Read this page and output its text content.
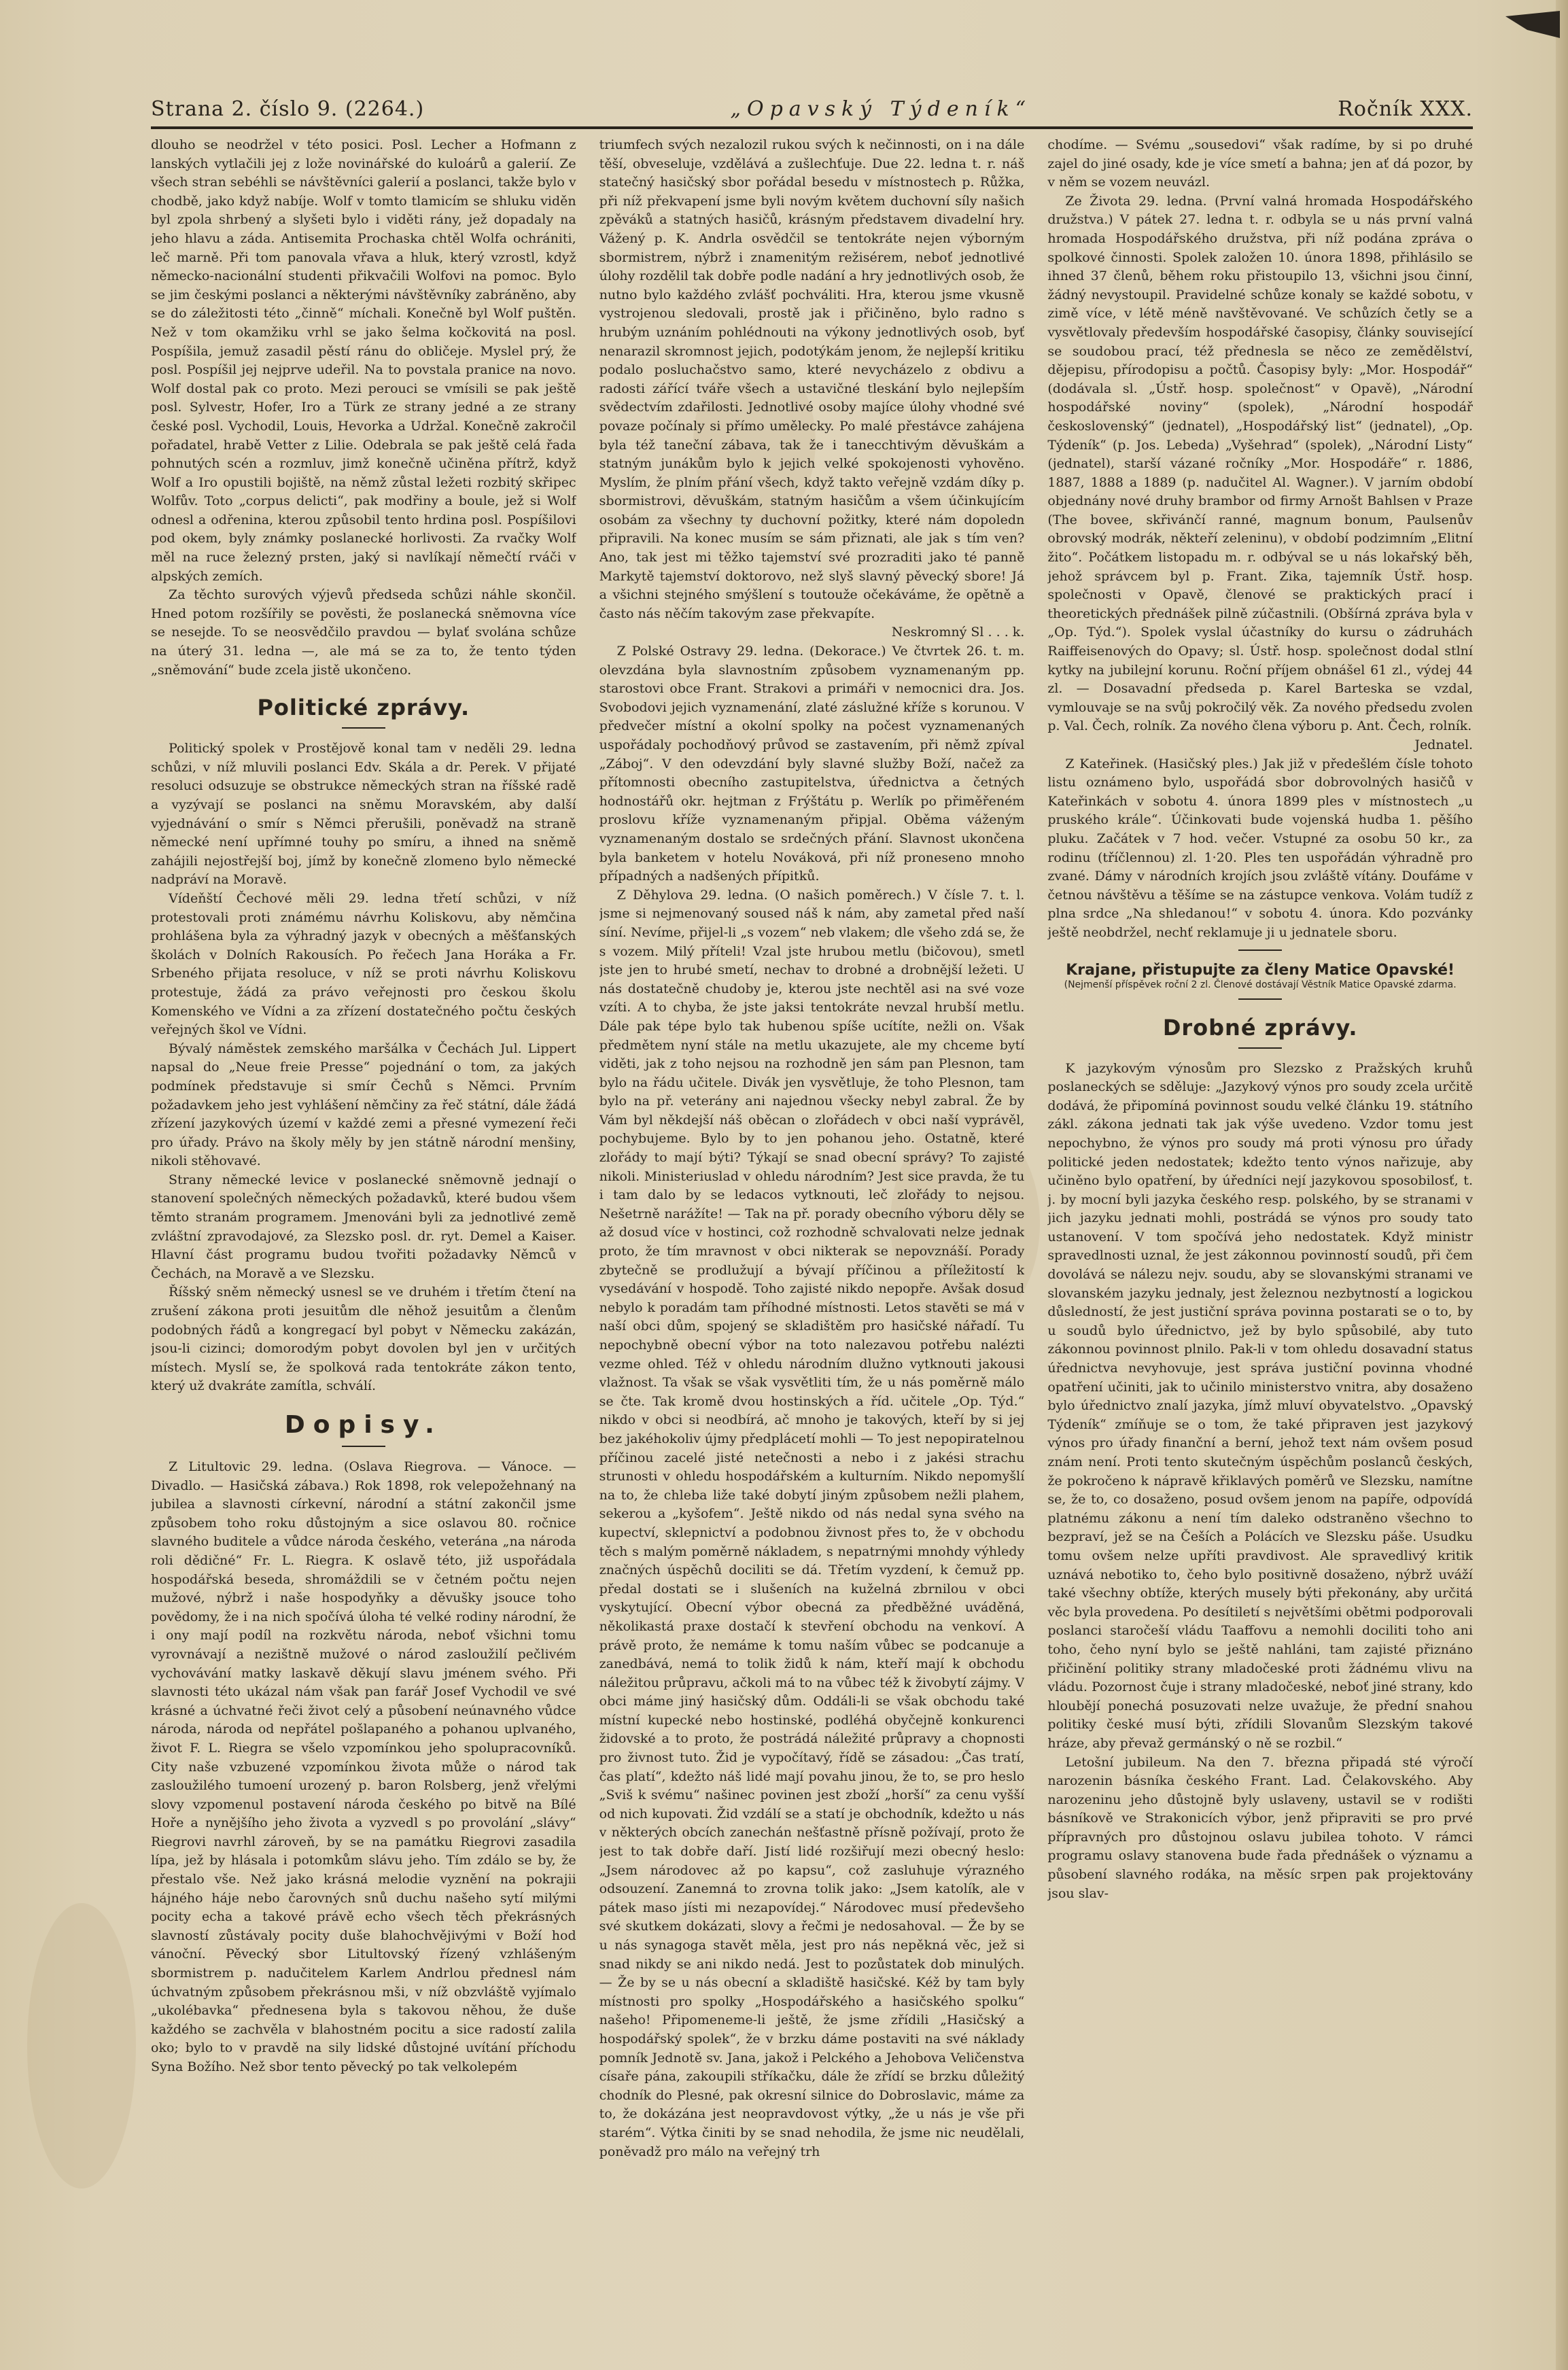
Strana 2. číslo 9. (2264.)	„Opavský Týdeník“	Ročník XXX.

dlouho se neodržel v této posici. Posl. Lecher a Hofmann z lanských vytlačili jej z lože novinářské do kuloárů a galerií. Ze všech stran sebéhli se návštěvníci galerií a poslanci, takže bylo v chodbě, jako když nabíje. Wolf v tomto tlamicím se shluku viděn byl zpola shrbený a slyšeti bylo i viděti rány, jež dopadaly na jeho hlavu a záda. Antisemita Prochaska chtěl Wolfa ochrániti, leč marně. Při tom panovala vřava a hluk, který vzrostl, když německo-nacionální studenti přikvačili Wolfovi na pomoc. Bylo se jim českými poslanci a některými návštěvníky zabráněno, aby se do záležitosti této „činně“ míchali. Konečně byl Wolf puštěn. Než v tom okamžiku vrhl se jako šelma kočkovitá na posl. Pospíšila, jemuž zasadil pěstí ránu do obličeje. Myslel prý, že posl. Pospíšil jej nejprve udeřil. Na to povstala pranice na novo. Wolf dostal pak co proto. Mezi perouci se vmísili se pak ještě posl. Sylvestr, Hofer, Iro a Türk ze strany jedné a ze strany české posl. Vychodil, Louis, Hevorka a Udržal. Konečně zakročil pořadatel, hrabě Vetter z Lilie. Odebrala se pak ještě celá řada pohnutých scén a rozmluv, jimž konečně učiněna přítrž, když Wolf a Iro opustili bojiště, na němž zůstal ležeti rozbitý skřipec Wolfův. Toto „corpus delicti“, pak modřiny a boule, jež si Wolf odnesl a odřenina, kterou způsobil tento hrdina posl. Pospíšilovi pod okem, byly známky poslanecké horlivosti. Za rvačky Wolf měl na ruce železný prsten, jaký si navlíkají němečtí rváči v alpských zemích.

Za těchto surových výjevů předseda schůzi náhle skončil. Hned potom rozšířily se pověsti, že poslanecká sněmovna více se nesejde. To se neosvědčilo pravdou — bylať svolána schůze na úterý 31. ledna —, ale má se za to, že tento týden „sněmování“ bude zcela jistě ukončeno.

Politické zprávy.

Politický spolek v Prostějově konal tam v neděli 29. ledna schůzi, v níž mluvili poslanci Edv. Skála a dr. Perek. V přijaté resoluci odsuzuje se obstrukce německých stran na říšské radě a vyzývají se poslanci na sněmu Moravském, aby další vyjednávání o smír s Němci přerušili, poněvadž na straně německé není upřímné touhy po smíru, a ihned na sněmě zahájili nejostřejší boj, jímž by konečně zlomeno bylo německé nadpráví na Moravě.

Vídeňští Čechové měli 29. ledna třetí schůzi, v níž protestovali proti známému návrhu Koliskovu, aby němčina prohlášena byla za výhradný jazyk v obecných a měšťanských školách v Dolních Rakousích. Po řečech Jana Horáka a Fr. Srbeného přijata resoluce, v níž se proti návrhu Koliskovu protestuje, žádá za právo veřejnosti pro českou školu Komenského ve Vídni a za zřízení dostatečného počtu českých veřejných škol ve Vídni.

Bývalý náměstek zemského maršálka v Čechách Jul. Lippert napsal do „Neue freie Presse“ pojednání o tom, za jakých podmínek představuje si smír Čechů s Němci. Prvním požadavkem jeho jest vyhlášení němčiny za řeč státní, dále žádá zřízení jazykových území v každé zemi a přesné vymezení řeči pro úřady. Právo na školy měly by jen státně národní menšiny, nikoli stěhovavé.

Strany německé levice v poslanecké sněmovně jednají o stanovení společných německých požadavků, které budou všem těmto stranám programem. Jmenováni byli za jednotlivé země zvláštní zpravodajové, za Slezsko posl. dr. ryt. Demel a Kaiser. Hlavní část programu budou tvořiti požadavky Němců v Čechách, na Moravě a ve Slezsku.

Říšský sněm německý usnesl se ve druhém i třetím čtení na zrušení zákona proti jesuitům dle něhož jesuitům a členům podobných řádů a kongregací byl pobyt v Německu zakázán, jsou-li cizinci; domorodým pobyt dovolen byl jen v určitých místech. Myslí se, že spolková rada tentokráte zákon tento, který už dvakráte zamítla, schválí.

Dopisy.

Z Litultovic 29. ledna. (Oslava Riegrova. — Vánoce. — Divadlo. — Hasičská zábava.) Rok 1898, rok velepožehnaný na jubilea a slavnosti církevní, národní a státní zakončil jsme způsobem toho roku důstojným a sice oslavou 80. ročnice slavného buditele a vůdce národa českého, veterána „na národa roli dědičné“ Fr. L. Riegra. K oslavě této, již uspořádala hospodářská beseda, shromáždili se v četném počtu nejen mužové, nýbrž i naše hospodyňky a děvušky jsouce toho povědomy, že i na nich spočívá úloha té velké rodiny národní, že i ony mají podíl na rozkvětu národa, neboť všichni tomu vyrovnávají a nezištně mužové o národ zasloužilí pečlivém vychovávání matky laskavě děkují slavu jménem svého. Při slavnosti této ukázal nám však pan farář Josef Vychodil ve své krásné a úchvatné řeči život celý a působení neúnavného vůdce národa, národa od nepřátel pošlapaného a pohanou uplvaného, život F. L. Riegra se všelo vzpomínkou jeho spolupracovníků. City naše vzbuzené vzpomínkou života může o národ tak zasloužilého tumoení urozený p. baron Rolsberg, jenž vřelými slovy vzpomenul postavení národa českého po bitvě na Bílé Hoře a nynějšího jeho života a vyzvedl s po provolání „slávy“ Riegrovi navrhl zároveň, by se na památku Riegrovi zasadila lípa, jež by hlásala i potomkům slávu jeho. Tím zdálo se by, že přestalo vše. Než jako krásná melodie vyznění na pokrajii hájného háje nebo čarovných snů duchu našeho sytí milými pocity echa a takové právě echo všech těch překrásných slavností zůstávaly pocity duše blahochvějivými v Boží hod vánoční. Pěvecký sbor Litultovský řízený vzhlášeným sbormistrem p. nadučitelem Karlem Andrlou přednesl nám úchvatným způsobem překrásnou mši, v níž obzvláště vyjímalo „ukolébavka“ přednesena byla s takovou něhou, že duše každého se zachvěla v blahostném pocitu a sice radostí zalila oko; bylo to v pravdě na sily lidské důstojné uvítání příchodu Syna Božího. Než sbor tento pěvecký po tak velkolepém

triumfech svých nezalozil rukou svých k nečinnosti, on i na dále těší, obveseluje, vzdělává a zušlechťuje. Due 22. ledna t. r. náš statečný hasičský sbor pořádal besedu v místnostech p. Růžka, při níž překvapení jsme byli novým květem duchovní síly našich zpěváků a statných hasičů, krásným představem divadelní hry. Vážený p. K. Andrla osvědčil se tentokráte nejen výborným sbormistrem, nýbrž i znamenitým režisérem, neboť jednotlivé úlohy rozdělil tak dobře podle nadání a hry jednotlivých osob, že nutno bylo každého zvlášť pochváliti. Hra, kterou jsme vkusně vystrojenou sledovali, prostě jak i přičiněno, bylo radno s hrubým uznáním pohlédnouti na výkony jednotlivých osob, byť nenarazil skromnost jejich, podotýkám jenom, že nejlepší kritiku podalo posluchačstvo samo, které nevycházelo z obdivu a radosti zářící tváře všech a ustavičné tleskání bylo nejlepším svědectvím zdařilosti. Jednotlivé osoby majíce úlohy vhodné své povaze počínaly si přímo umělecky. Po malé přestávce zahájena byla též taneční zábava, tak že i tanecchtivým děvuškám a statným junákům bylo k jejich velké spokojenosti vyhověno. Myslím, že plním přání všech, když takto veřejně vzdám díky p. sbormistrovi, děvuškám, statným hasičům a všem účinkujícím osobám za všechny ty duchovní požitky, které nám dopoledn připravili. Na konec musím se sám přiznati, ale jak s tím ven? Ano, tak jest mi těžko tajemství své prozraditi jako té panně Markytě tajemství doktorovo, než slyš slavný pěvecký sbore! Já a všichni stejného smýšlení s toutouže očekáváme, že opětně a často nás něčím takovým zase překvapíte.

Neskromný Sl . . . k.

Z Polské Ostravy 29. ledna. (Dekorace.) Ve čtvrtek 26. t. m. olevzdána byla slavnostním způsobem vyznamenaným pp. starostovi obce Frant. Strakovi a primáři v nemocnici dra. Jos. Svobodovi jejich vyznamenání, zlaté záslužné kříže s korunou. V předvečer místní a okolní spolky na počest vyznamenaných uspořádaly pochodňový průvod se zastavením, při němž zpíval „Záboj“. V den odevzdání byly slavné služby Boží, načež za přítomnosti obecního zastupitelstva, úřednictva a četných hodnostářů okr. hejtman z Frýštátu p. Werlík po přiměřeném proslovu kříže vyznamenaným připjal. Oběma váženým vyznamenaným dostalo se srdečných přání. Slavnost ukončena byla banketem v hotelu Nováková, při níž proneseno mnoho případných a nadšených přípitků.

Z Děhylova 29. ledna. (O našich poměrech.) V čísle 7. t. l. jsme si nejmenovaný soused náš k nám, aby zametal před naší síní. Nevíme, přijel-li „s vozem“ neb vlakem; dle všeho zdá se, že s vozem. Milý příteli! Vzal jste hrubou metlu (bičovou), smetl jste jen to hrubé smetí, nechav to drobné a drobnější ležeti. U nás dostatečně chudoby je, kterou jste nechtěl asi na své voze vzíti. A to chyba, že jste jaksi tentokráte nevzal hrubší metlu. Dále pak tépe bylo tak hubenou spíše ucítíte, nežli on. Však předmětem nyní stále na metlu ukazujete, ale my chceme bytí viděti, jak z toho nejsou na rozhodně jen sám pan Plesnon, tam bylo na řádu učitele. Divák jen vysvětluje, že toho Plesnon, tam bylo na př. veterány ani najednou všecky nebyl zabral. Že by Vám byl někdejší náš oběcan o zlořádech v obci naší vyprávěl, pochybujeme. Bylo by to jen pohanou jeho. Ostatně, které zlořády to mají býti? Týkají se snad obecní správy? To zajisté nikoli. Ministeriuslad v ohledu národním? Jest sice pravda, že tu i tam dalo by se ledacos vytknouti, leč zlořády to nejsou. Nešetrně narážíte! — Tak na př. porady obecního výboru děly se až dosud více v hostinci, což rozhodně schvalovati nelze jednak proto, že tím mravnost v obci nikterak se nepovznáší. Porady zbytečně se prodlužují a bývají příčinou a příležitostí k vysedávání v hospodě. Toho zajisté nikdo nepopře. Avšak dosud nebylo k poradám tam příhodné místnosti. Letos stavěti se má v naší obci dům, spojený se skladištěm pro hasičské nářadí. Tu nepochybně obecní výbor na toto nalezavou potřebu nalézti vezme ohled. Též v ohledu národním dlužno vytknouti jakousi vlažnost. Ta však se však vysvětliti tím, že u nás poměrně málo se čte. Tak kromě dvou hostinských a říd. učitele „Op. Týd.“ nikdo v obci si neodbírá, ač mnoho je takových, kteří by si jej bez jakéhokoliv újmy předplácetí mohli — To jest nepopiratelnou příčinou zacelé jisté netečnosti a nebo i z jakési strachu strunosti v ohledu hospodářském a kulturním. Nikdo nepomyšlí na to, že chleba liže také dobytí jiným způsobem nežli plahem, sekerou a „kyšofem“. Ještě nikdo od nás nedal syna svého na kupectví, sklepnictví a podobnou živnost přes to, že v obchodu těch s malým poměrně nákladem, s nepatrnými mnohdy výhledy značných úspěchů dociliti se dá. Třetím vyzdení, k čemuž pp. předal dostati se i slušeních na kuželná zbrnilou v obci vyskytující. Obecní výbor obecná za předběžné uváděná, několikastá praxe dostačí k stevření obchodu na venkoví. A právě proto, že nemáme k tomu naším vůbec se podcanuje a zanedbává, nemá to tolik židů k nám, kteří mají k obchodu náležitou průpravu, ačkoli má to na vůbec též k živobytí zájmy. V obci máme jiný hasičský dům. Oddáli-li se však obchodu také místní kupecké nebo hostinské, podléhá obyčejně konkurenci židovské a to proto, že postrádá náležité průpravy a chopnosti pro živnost tuto. Žid je vypočítavý, řídě se zásadou: „Čas tratí, čas platí“, kdežto náš lidé mají povahu jinou, že to, se pro heslo „Sviš k svému“ našinec povinen jest zboží „horší“ za cenu vyšší od nich kupovati. Žid vzdálí se a statí je obchodník, kdežto u nás v některých obcích zanechán nešťastně přísně požívají, proto že jest to tak dobře daří. Jistí lidé rozšiřují mezi obecný heslo: „Jsem národovec až po kapsu“, což zasluhuje výrazného odsouzení. Zanemná to zrovna tolik jako: „Jsem katolík, ale v pátek maso jísti mi nezapovídej.“ Národovec musí předevšeho své skutkem dokázati, slovy a řečmi je nedosahoval. — Že by se u nás synagoga stavět měla, jest pro nás nepěkná věc, jež si snad nikdy se ani nikdo nedá. Jest to pozůstatek dob minulých. — Že by se u nás obecní a skladiště hasičské. Kéž by tam byly místnosti pro spolky „Hospodářského a hasičského spolku“ našeho! Připomeneme-li ještě, že jsme zřídili „Hasičský a hospodářský spolek“, že v brzku dáme postaviti na své náklady pomník Jednotě sv. Jana, jakož i Pelckého a Jehobova Veličenstva císaře pána, zakoupili stříkačku, dále že zřídí se brzku důležitý chodník do Plesné, pak okresní silnice do Dobroslavic, máme za to, že dokázána jest neopravdovost výtky, „že u nás je vše při starém“. Výtka činiti by se snad nehodila, že jsme nic neudělali, poněvadž pro málo na veřejný trh

chodíme. — Svému „sousedovi“ však radíme, by si po druhé zajel do jiné osady, kde je více smetí a bahna; jen ať dá pozor, by v něm se vozem neuvázl.

Ze Života 29. ledna. (První valná hromada Hospodářského družstva.) V pátek 27. ledna t. r. odbyla se u nás první valná hromada Hospodářského družstva, při níž podána zpráva o spolkové činnosti. Spolek založen 10. února 1898, přihlásilo se ihned 37 členů, během roku přistoupilo 13, všichni jsou činní, žádný nevystoupil. Pravidelné schůze konaly se každé sobotu, v zimě více, v létě méně navštěvované. Ve schůzích četly se a vysvětlovaly především hospodářské časopisy, články související se soudobou prací, též přednesla se něco ze zemědělství, dějepisu, přírodopisu a počtů. Časopisy byly: „Mor. Hospodář“ (dodávala sl. „Ústř. hosp. společnost“ v Opavě), „Národní hospodářské noviny“ (spolek), „Národní hospodář československý“ (jednatel), „Hospodářský list“ (jednatel), „Op. Týdeník“ (p. Jos. Lebeda) „Vyšehrad“ (spolek), „Národní Listy“ (jednatel), starší vázané ročníky „Mor. Hospodáře“ r. 1886, 1887, 1888 a 1889 (p. nadučitel Al. Wagner.). V jarním období objednány nové druhy brambor od firmy Arnošt Bahlsen v Praze (The bovee, skřivánčí ranné, magnum bonum, Paulsenův obrovský modrák, někteří zeleninu), v období podzimním „Elitní žito“. Počátkem listopadu m. r. odbýval se u nás lokařský běh, jehož správcem byl p. Frant. Zika, tajemník Ústř. hosp. společnosti v Opavě, členové se praktických prací i theoretických přednášek pilně zúčastnili. (Obšírná zpráva byla v „Op. Týd.“). Spolek vyslal účastníky do kursu o zádruhách Raiffeisenových do Opavy; sl. Ústř. hosp. společnost dodal stlní kytky na jubilejní korunu. Roční příjem obnášel 61 zl., výdej 44 zl. — Dosavadní předseda p. Karel Barteska se vzdal, vymlouvaje se na svůj pokročilý věk. Za nového předsedu zvolen p. Val. Čech, rolník. Za nového člena výboru p. Ant. Čech, rolník.

Jednatel.

Z Kateřinek. (Hasičský ples.) Jak již v předešlém čísle tohoto listu oznámeno bylo, uspořádá sbor dobrovolných hasičů v Kateřinkách v sobotu 4. února 1899 ples v místnostech „u pruského krále“. Účinkovati bude vojenská hudba 1. pěšího pluku. Začátek v 7 hod. večer. Vstupné za osobu 50 kr., za rodinu (tříčlennou) zl. 1·20. Ples ten uspořádán výhradně pro zvané. Dámy v národních krojích jsou zvláště vítány. Doufáme v četnou návštěvu a těšíme se na zástupce venkova. Volám tudíž z plna srdce „Na shledanou!“ v sobotu 4. února. Kdo pozvánky ještě neobdržel, nechť reklamuje ji u jednatele sboru.

Krajane, přistupujte za členy Matice Opavské!
(Nejmenší příspěvek roční 2 zl. Členové dostávají Věstník Matice Opavské zdarma.
Drobné zprávy.

K jazykovým výnosům pro Slezsko z Pražských kruhů poslaneckých se sděluje: „Jazykový výnos pro soudy zcela určitě dodává, že připomíná povinnost soudu velké článku 19. státního zákl. zákona jednati tak jak výše uvedeno. Vzdor tomu jest nepochybno, že výnos pro soudy má proti výnosu pro úřady politické jeden nedostatek; kdežto tento výnos nařizuje, aby učiněno bylo opatření, by úředníci nejí jazykovou sposobilosť, t. j. by mocní byli jazyka českého resp. polského, by se stranami v jich jazyku jednati mohli, postrádá se výnos pro soudy tato ustanovení. V tom spočívá jeho nedostatek. Když ministr spravedlnosti uznal, že jest zákonnou povinností soudů, při čem dovolává se nálezu nejv. soudu, aby se slovanskými stranami ve slovanském jazyku jednaly, jest železnou nezbytností a logickou důsledností, že jest justiční správa povinna postarati se o to, by u soudů bylo úřednictvo, jež by bylo spůsobilé, aby tuto zákonnou povinnost plnilo. Pak-li v tom ohledu dosavadní status úřednictva nevyhovuje, jest správa justiční povinna vhodné opatření učiniti, jak to učinilo ministerstvo vnitra, aby dosaženo bylo úřednictvo znalí jazyka, jímž mluví obyvatelstvo. „Opavský Týdeník“ zmíňuje se o tom, že také připraven jest jazykový výnos pro úřady finanční a berní, jehož text nám ovšem posud znám není. Proti tento skutečným úspěchům poslanců českých, že pokročeno k nápravě křiklavých poměrů ve Slezsku, namítne se, že to, co dosaženo, posud ovšem jenom na papíře, odpovídá platnému zákonu a není tím daleko odstraněno všechno to bezpraví, jež se na Češích a Polácích ve Slezsku páše. Usudku tomu ovšem nelze upříti pravdivost. Ale spravedlivý kritik uznává nebotiko to, čeho bylo positivně dosaženo, nýbrž uváží také všechny obtíže, kterých musely býti překonány, aby určitá věc byla provedena. Po desítiletí s největšími obětmi podporovali poslanci staročeší vládu Taaffovu a nemohli dociliti toho ani toho, čeho nyní bylo se ještě nahláni, tam zajisté přiznáno přičinění politiky strany mladočeské proti žádnému vlivu na vládu. Pozornost čuje i strany mladočeské, neboť jiné strany, kdo hloubějí ponechá posuzovati nelze uvažuje, že přední snahou politiky české musí býti, zřídili Slovanům Slezským takové hráze, aby převaž germánský o ně se rozbil.“

Letošní jubileum. Na den 7. března připadá sté výročí narozenin básníka českého Frant. Lad. Čelakovského. Aby narozeninu jeho důstojně byly uslaveny, ustavil se v rodišti básníkově ve Strakonicích výbor, jenž připraviti se pro prvé přípravných pro důstojnou oslavu jubilea tohoto. V rámci programu oslavy stanovena bude řada přednášek o významu a působení slavného rodáka, na měsíc srpen pak projektovány jsou slav-
